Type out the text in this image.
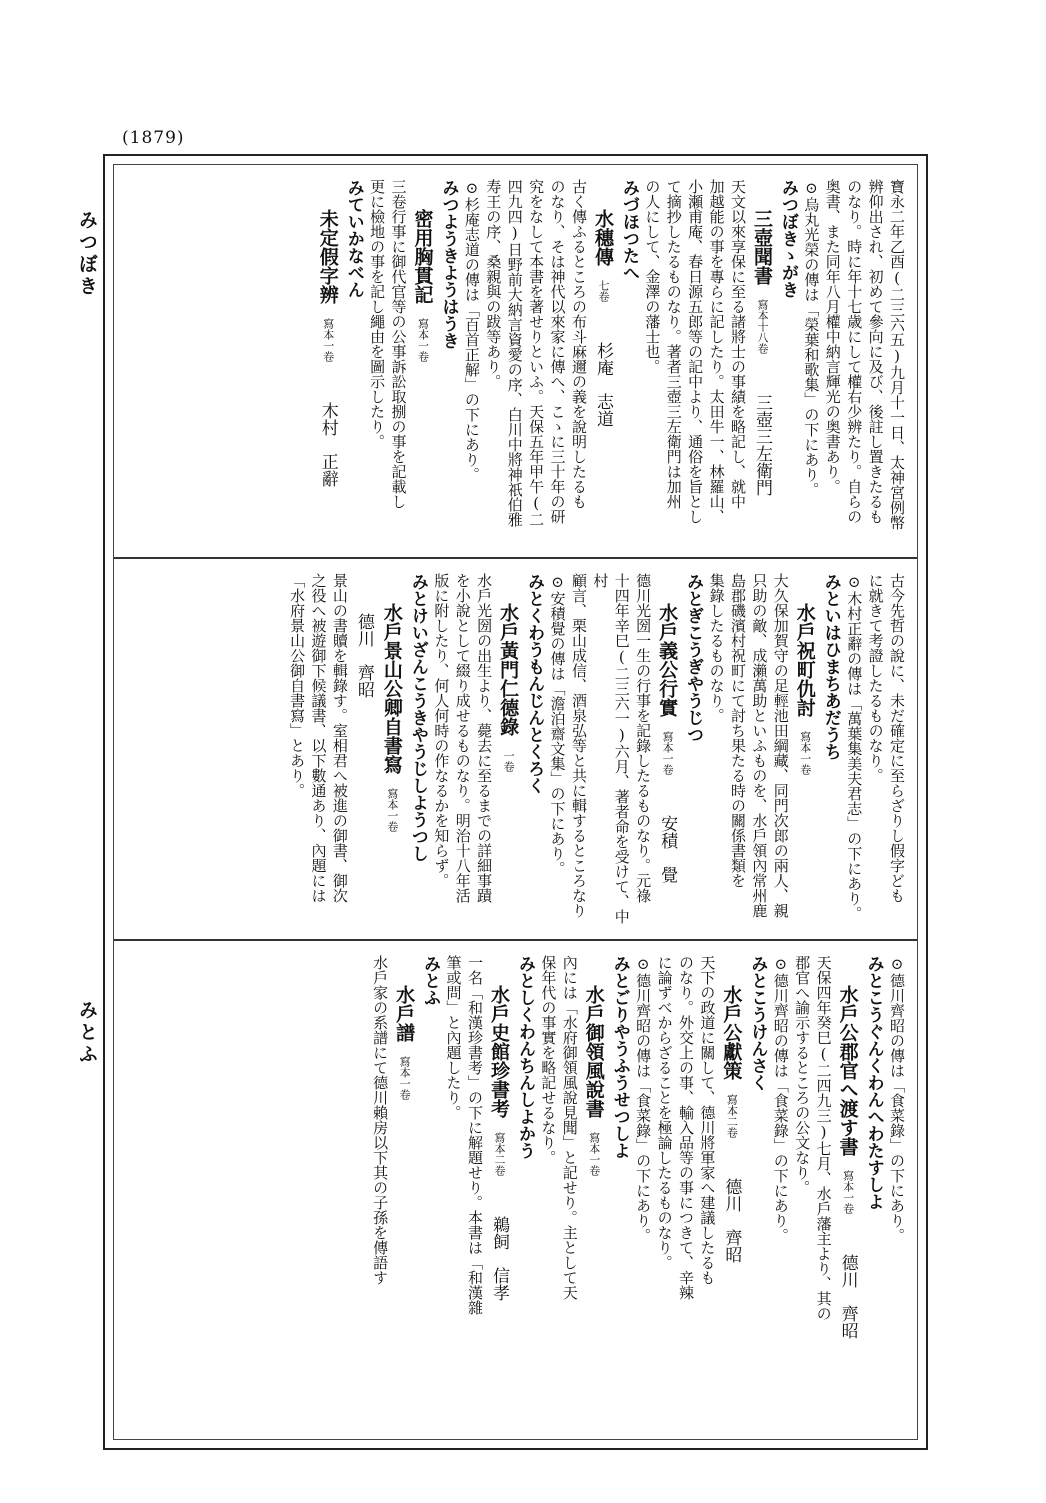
(1879)
みつぼき
みとふ
寶永二年乙酉(二三六五)九月十一日、太神宮例幣
辨仰出され、初めて參向に及び、後註し置きたるも
のなり。時に年十七歳にして權右少辨たり。自らの
奥書、また同年八月權中納言輝光の奥書あり。
⊙烏丸光榮の傳は「榮葉和歌集」の下にあり。
みつぼきゝがき
三壺聞書寫本十八卷三壺三左衛門
天文以來享保に至る諸將士の事績を略記し、就中
加越能の事を專らに記したり。太田牛一、林羅山、
小瀬甫庵、春日源五郎等の記中より、通俗を旨とし
て摘抄したるものなり。著者三壺三左衛門は加州
の人にして、金澤の藩士也。
みづほつたへ
水穗傳七卷杉庵　志道
古く傳ふるところの布斗麻邇の義を說明したるも
のなり、そは神代以來家に傳へ、こゝに三十年の研
究をなして本書を著せりといふ。天保五年甲午(二
四九四)日野前大納言資愛の序、白川中將神祇伯雅
寿王の序、桑親與の跋等あり。
⊙杉庵志道の傳は「百首正解」の下にあり。
みつようきようはうき
密用胸貫記寫本一卷
三卷行事に御代官等の公事訴訟取捌の事を記載し
更に檢地の事を記し繩由を圖示したり。
みていかなべん
未定假字辨寫本一卷木村　正辭
古今先哲の說に、未だ確定に至らざりし假字ども
に就きて考證したるものなり。
⊙木村正辭の傳は「萬葉集美夫君志」の下にあり。
みといはひまちあだうち
水戶祝町仇討寫本一卷
大久保加賀守の足輕池田綱藏、同門次郎の兩人、親
只助の敵、成瀨萬助といふものを、水戶領內常州鹿
島郡磯濱村祝町にて討ち果たる時の關係書類を
集錄したるものなり。
みとぎこうぎやうじつ
水戶義公行實寫本一卷安積　覺
德川光圀一生の行事を記錄したるものなり。元祿
十四年辛巳(二三六一)六月、著者命を受けて、中村
顧言、栗山成信、酒泉弘等と共に輯するところなり
⊙安積覺の傳は「澹泊齋文集」の下にあり。
みとくわうもんじんとくろく
水戶黃門仁德錄一卷
水戶光圀の出生より、薨去に至るまでの詳細事蹟
を小說として綴り成せるものなり。明治十八年活
版に附したり、何人何時の作なるかを知らず。
みとけいざんこうきやうじしようつし
水戶景山公卿自書寫寫本一卷德川　齊昭
景山の書贖を輯錄す。室相君へ被進の御書、御次
之役へ被遊御下候議書、以下數通あり、內題には
「水府景山公御自書寫」とあり。
⊙德川齊昭の傳は「食菜錄」の下にあり。
みとこうぐんくわんへわたすしよ
水戶公郡官へ渡す書寫本一卷德川　齊昭
天保四年癸巳(二四九三)七月、水戶藩主より、其の
郡官へ諭示するところの公文なり。
⊙德川齊昭の傳は「食菜錄」の下にあり。
みとこうけんさく
水戶公獻策寫本二卷德川　齊昭
天下の政道に關して、德川將軍家へ建議したるも
のなり。外交上の事、輸入品等の事につきて、辛辣
に論ずべからざることを極論したるものなり。
⊙德川齊昭の傳は「食菜錄」の下にあり。
みとごりやうふうせつしよ
水戶御領風說書寫本一卷
內には「水府御領風說見聞」と記せり。主として天
保年代の事實を略記せるなり。
みとしくわんちんしよかう
水戶史館珍書考寫本二卷鵜飼　信孝
一名「和漢珍書考」の下に解題せり。本書は「和漢雜
筆或問」と內題したり。
みとふ
水戶譜寫本一卷
水戶家の系譜にて德川賴房以下其の子孫を傳語す
